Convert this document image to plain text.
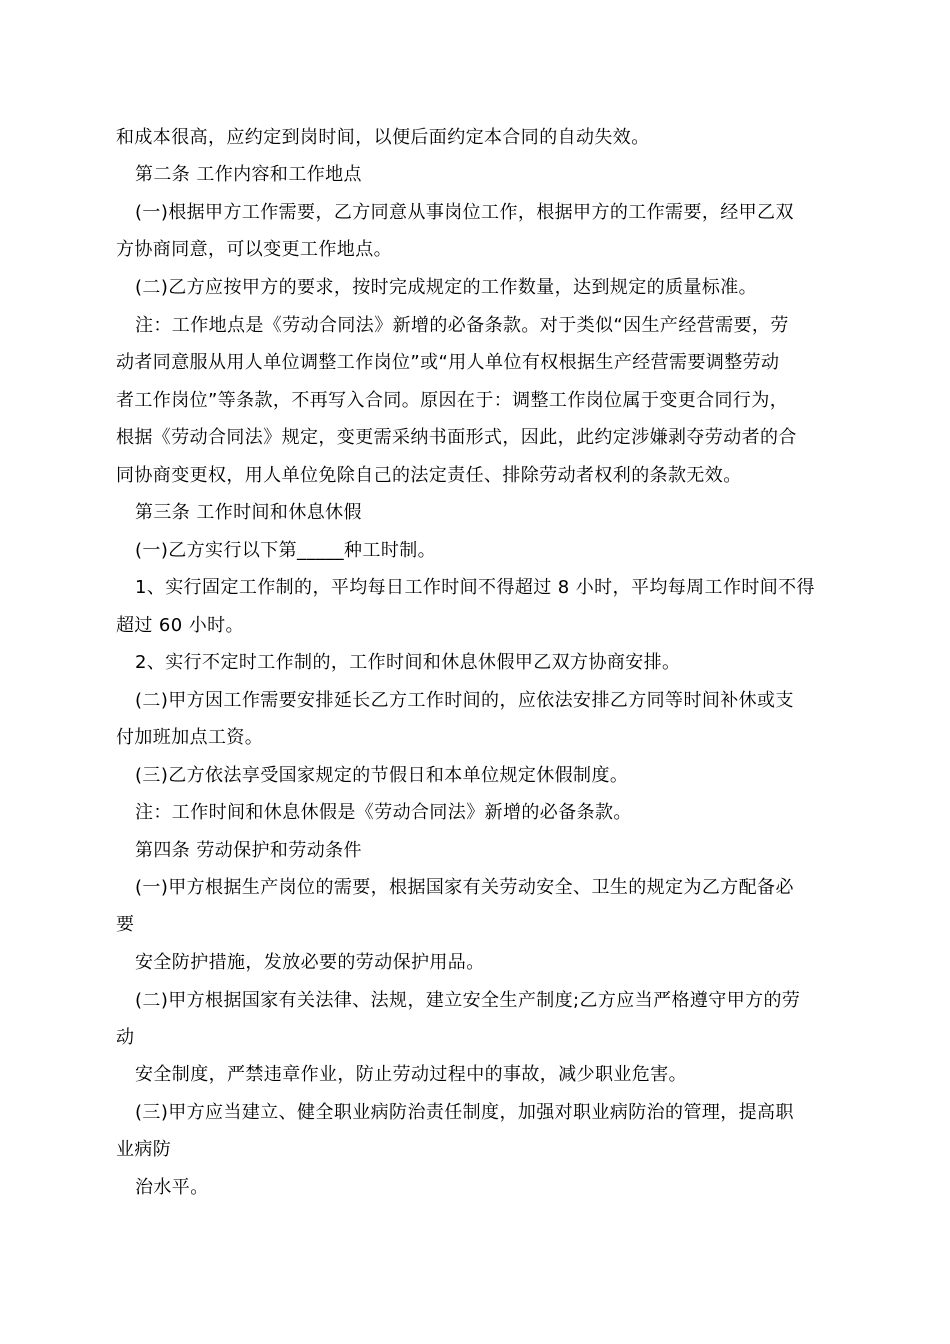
和成本很高，应约定到岗时间，以便后面约定本合同的自动失效。
第二条 工作内容和工作地点
(一)根据甲方工作需要，乙方同意从事岗位工作，根据甲方的工作需要，经甲乙双
方协商同意，可以变更工作地点。
(二)乙方应按甲方的要求，按时完成规定的工作数量，达到规定的质量标准。
注：工作地点是《劳动合同法》新增的必备条款。对于类似“因生产经营需要，劳
动者同意服从用人单位调整工作岗位”或“用人单位有权根据生产经营需要调整劳动
者工作岗位”等条款，不再写入合同。原因在于：调整工作岗位属于变更合同行为，
根据《劳动合同法》规定，变更需采纳书面形式，因此，此约定涉嫌剥夺劳动者的合
同协商变更权，用人单位免除自己的法定责任、排除劳动者权利的条款无效。
第三条 工作时间和休息休假
(一)乙方实行以下第_____种工时制。
1、实行固定工作制的，平均每日工作时间不得超过 8 小时，平均每周工作时间不得
超过 60 小时。
2、实行不定时工作制的，工作时间和休息休假甲乙双方协商安排。
(二)甲方因工作需要安排延长乙方工作时间的，应依法安排乙方同等时间补休或支
付加班加点工资。
(三)乙方依法享受国家规定的节假日和本单位规定休假制度。
注：工作时间和休息休假是《劳动合同法》新增的必备条款。
第四条 劳动保护和劳动条件
(一)甲方根据生产岗位的需要，根据国家有关劳动安全、卫生的规定为乙方配备必
要
安全防护措施，发放必要的劳动保护用品。
(二)甲方根据国家有关法律、法规，建立安全生产制度;乙方应当严格遵守甲方的劳
动
安全制度，严禁违章作业，防止劳动过程中的事故，减少职业危害。
(三)甲方应当建立、健全职业病防治责任制度，加强对职业病防治的管理，提高职
业病防
治水平。
